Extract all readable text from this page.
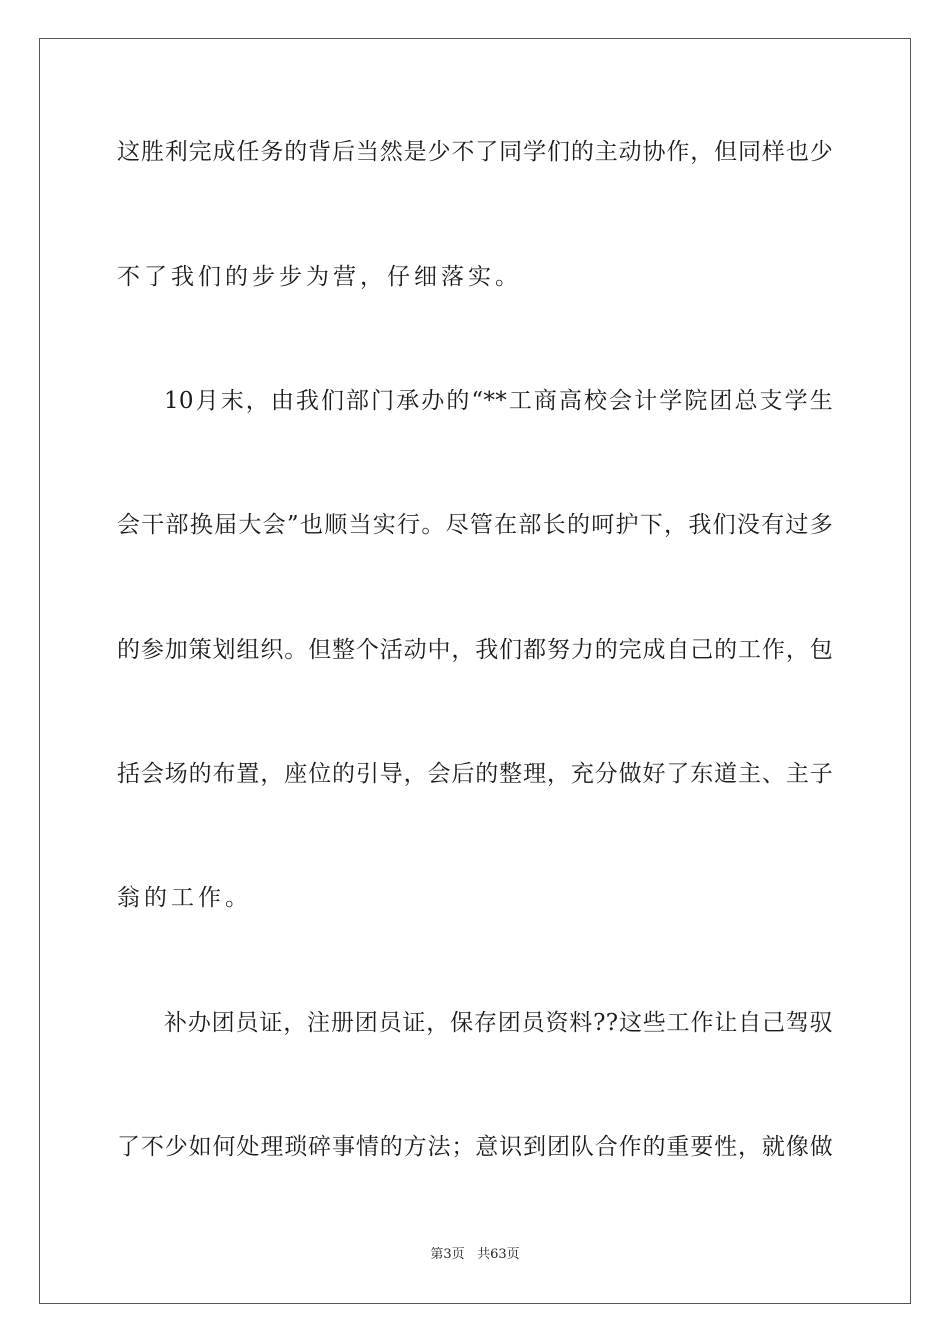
这胜利完成任务的背后当然是少不了同学们的主动协作，但同样也少
不了我们的步步为营，仔细落实。
10月末，由我们部门承办的“**工商高校会计学院团总支学生
会干部换届大会”也顺当实行。尽管在部长的呵护下，我们没有过多
的参加策划组织。但整个活动中，我们都努力的完成自己的工作，包
括会场的布置，座位的引导，会后的整理，充分做好了东道主、主子
翁的工作。
补办团员证，注册团员证，保存团员资料??这些工作让自己驾驭
了不少如何处理琐碎事情的方法；意识到团队合作的重要性，就像做
第3页 共63页
